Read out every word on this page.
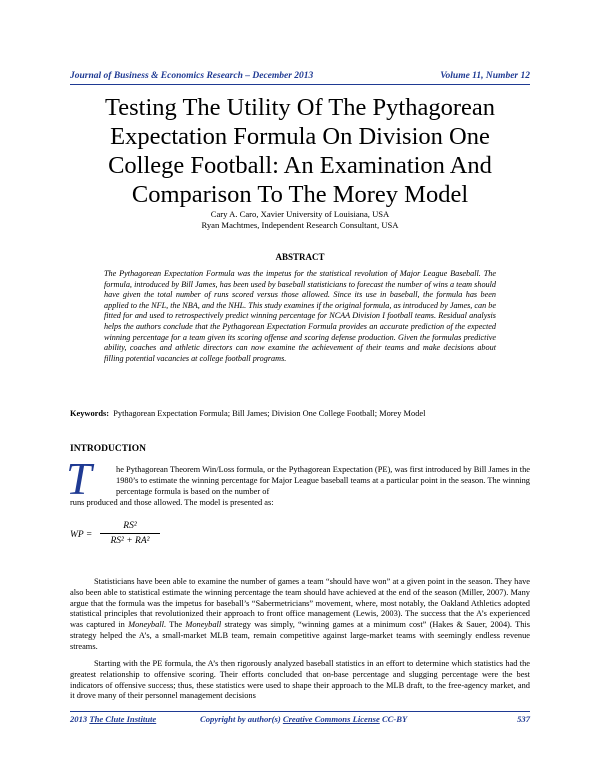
Journal of Business & Economics Research – December 2013	Volume 11, Number 12
Testing The Utility Of The Pythagorean
Expectation Formula On Division One
College Football: An Examination And
Comparison To The Morey Model
Cary A. Caro, Xavier University of Louisiana, USA
Ryan Machtmes, Independent Research Consultant, USA
ABSTRACT
The Pythagorean Expectation Formula was the impetus for the statistical revolution of Major League Baseball. The formula, introduced by Bill James, has been used by baseball statisticians to forecast the number of wins a team should have given the total number of runs scored versus those allowed. Since its use in baseball, the formula has been applied to the NFL, the NBA, and the NHL. This study examines if the original formula, as introduced by James, can be fitted for and used to retrospectively predict winning percentage for NCAA Division I football teams. Residual analysis helps the authors conclude that the Pythagorean Expectation Formula provides an accurate prediction of the expected winning percentage for a team given its scoring offense and scoring defense production. Given the formulas predictive ability, coaches and athletic directors can now examine the achievement of their teams and make decisions about filling potential vacancies at college football programs.
Keywords: Pythagorean Expectation Formula; Bill James; Division One College Football; Morey Model
INTRODUCTION
T	he Pythagorean Theorem Win/Loss formula, or the Pythagorean Expectation (PE), was first introduced by Bill James in the 1980’s to estimate the winning percentage for Major League baseball teams at a particular point in the season. The winning percentage formula is based on the number of
runs produced and those allowed. The model is presented as:
WP =
RS²
RS² + RA²
Statisticians have been able to examine the number of games a team “should have won” at a given point in the season. They have also been able to statistical estimate the winning percentage the team should have achieved at the end of the season (Miller, 2007). Many argue that the formula was the impetus for baseball’s “Sabermetricians” movement, where, most notably, the Oakland Athletics adopted statistical principles that revolutionized their approach to front office management (Lewis, 2003). The success that the A’s experienced was captured in Moneyball. The Moneyball strategy was simply, “winning games at a minimum cost” (Hakes & Sauer, 2004). This strategy helped the A’s, a small-market MLB team, remain competitive against large-market teams with seemingly endless revenue streams.
Starting with the PE formula, the A’s then rigorously analyzed baseball statistics in an effort to determine which statistics had the greatest relationship to offensive scoring. Their efforts concluded that on-base percentage and slugging percentage were the best indicators of offensive success; thus, these statistics were used to shape their approach to the MLB draft, to the free-agency market, and it drove many of their personnel management decisions
2013 The Clute Institute	Copyright by author(s) Creative Commons License CC-BY	537
